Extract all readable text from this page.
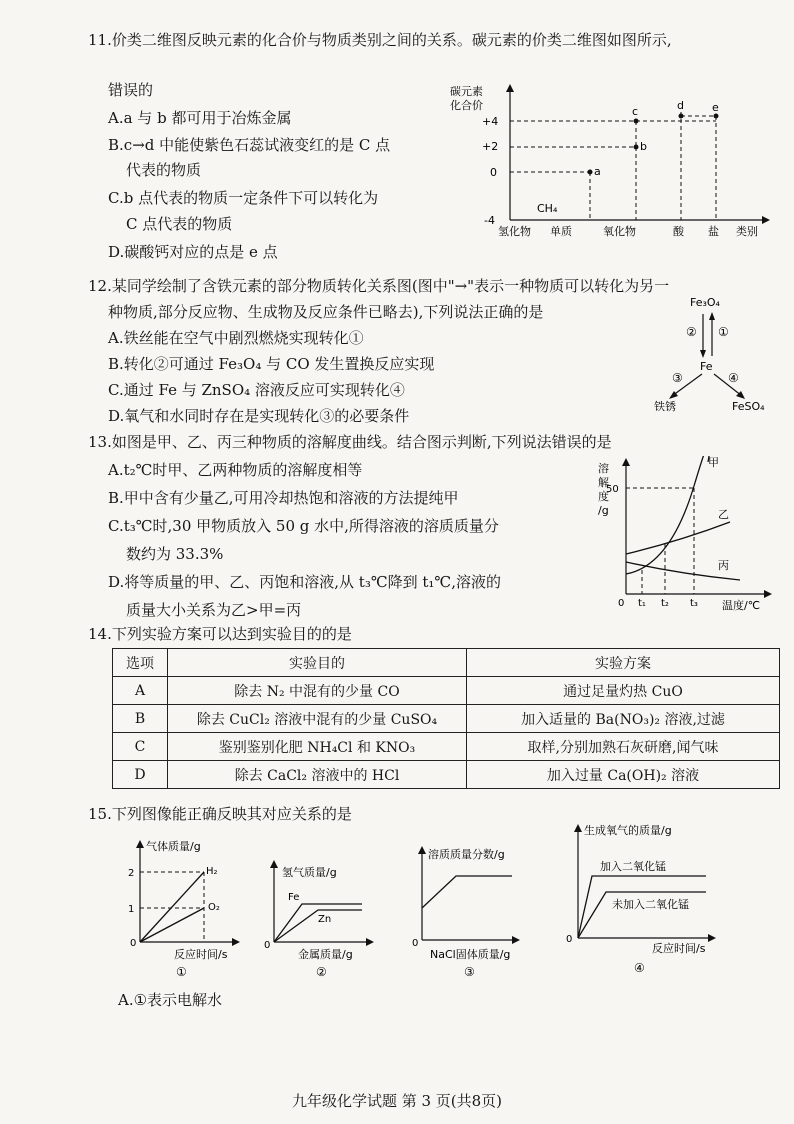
11.价类二维图反映元素的化合价与物质类别之间的关系。碳元素的价类二维图如图所示,
错误的
A.a 与 b 都可用于冶炼金属
B.c→d 中能使紫色石蕊试液变红的是 C 点
代表的物质
C.b 点代表的物质一定条件下可以转化为
C 点代表的物质
D.碳酸钙对应的点是 e 点
碳元素
化合价
+4
+2
0
-4
a
b
c	d	e
CH₄
氢化物 单质	氧化物	酸 盐 类别
12.某同学绘制了含铁元素的部分物质转化关系图(图中"→"表示一种物质可以转化为另一
种物质,部分反应物、生成物及反应条件已略去),下列说法正确的是
A.铁丝能在空气中剧烈燃烧实现转化①
B.转化②可通过 Fe₃O₄ 与 CO 发生置换反应实现
C.通过 Fe 与 ZnSO₄ 溶液反应可实现转化④
D.氧气和水同时存在是实现转化③的必要条件
Fe₃O₄
② ①
Fe
③	④
铁锈	FeSO₄
13.如图是甲、乙、丙三种物质的溶解度曲线。结合图示判断,下列说法错误的是
A.t₂℃时甲、乙两种物质的溶解度相等
B.甲中含有少量乙,可用冷却热饱和溶液的方法提纯甲
C.t₃℃时,30 甲物质放入 50 g 水中,所得溶液的溶质质量分
数约为 33.3%
D.将等质量的甲、乙、丙饱和溶液,从 t₃℃降到 t₁℃,溶液的
质量大小关系为乙>甲=丙
溶
解
度
/g
50
甲
乙
丙
0 t₁ t₂ t₃ 温度/℃
14.下列实验方案可以达到实验目的的是
选项	实验目的	实验方案
A	除去 N₂ 中混有的少量 CO	通过足量灼热 CuO
B	除去 CuCl₂ 溶液中混有的少量 CuSO₄	加入适量的 Ba(NO₃)₂ 溶液,过滤
C	鉴别鉴别化肥 NH₄Cl 和 KNO₃	取样,分别加熟石灰研磨,闻气味
D	除去 CaCl₂ 溶液中的 HCl	加入过量 Ca(OH)₂ 溶液
15.下列图像能正确反映其对应关系的是
气体质量/g
2
1
0
H₂
O₂
反应时间/s
①
氢气质量/g
Fe
Zn
0
金属质量/g
②
溶质质量分数/g
0
NaCl固体质量/g
③
生成氧气的质量/g
加入二氧化锰
未加入二氧化锰
0
反应时间/s
④
A.①表示电解水
九年级化学试题 第 3 页(共8页)
